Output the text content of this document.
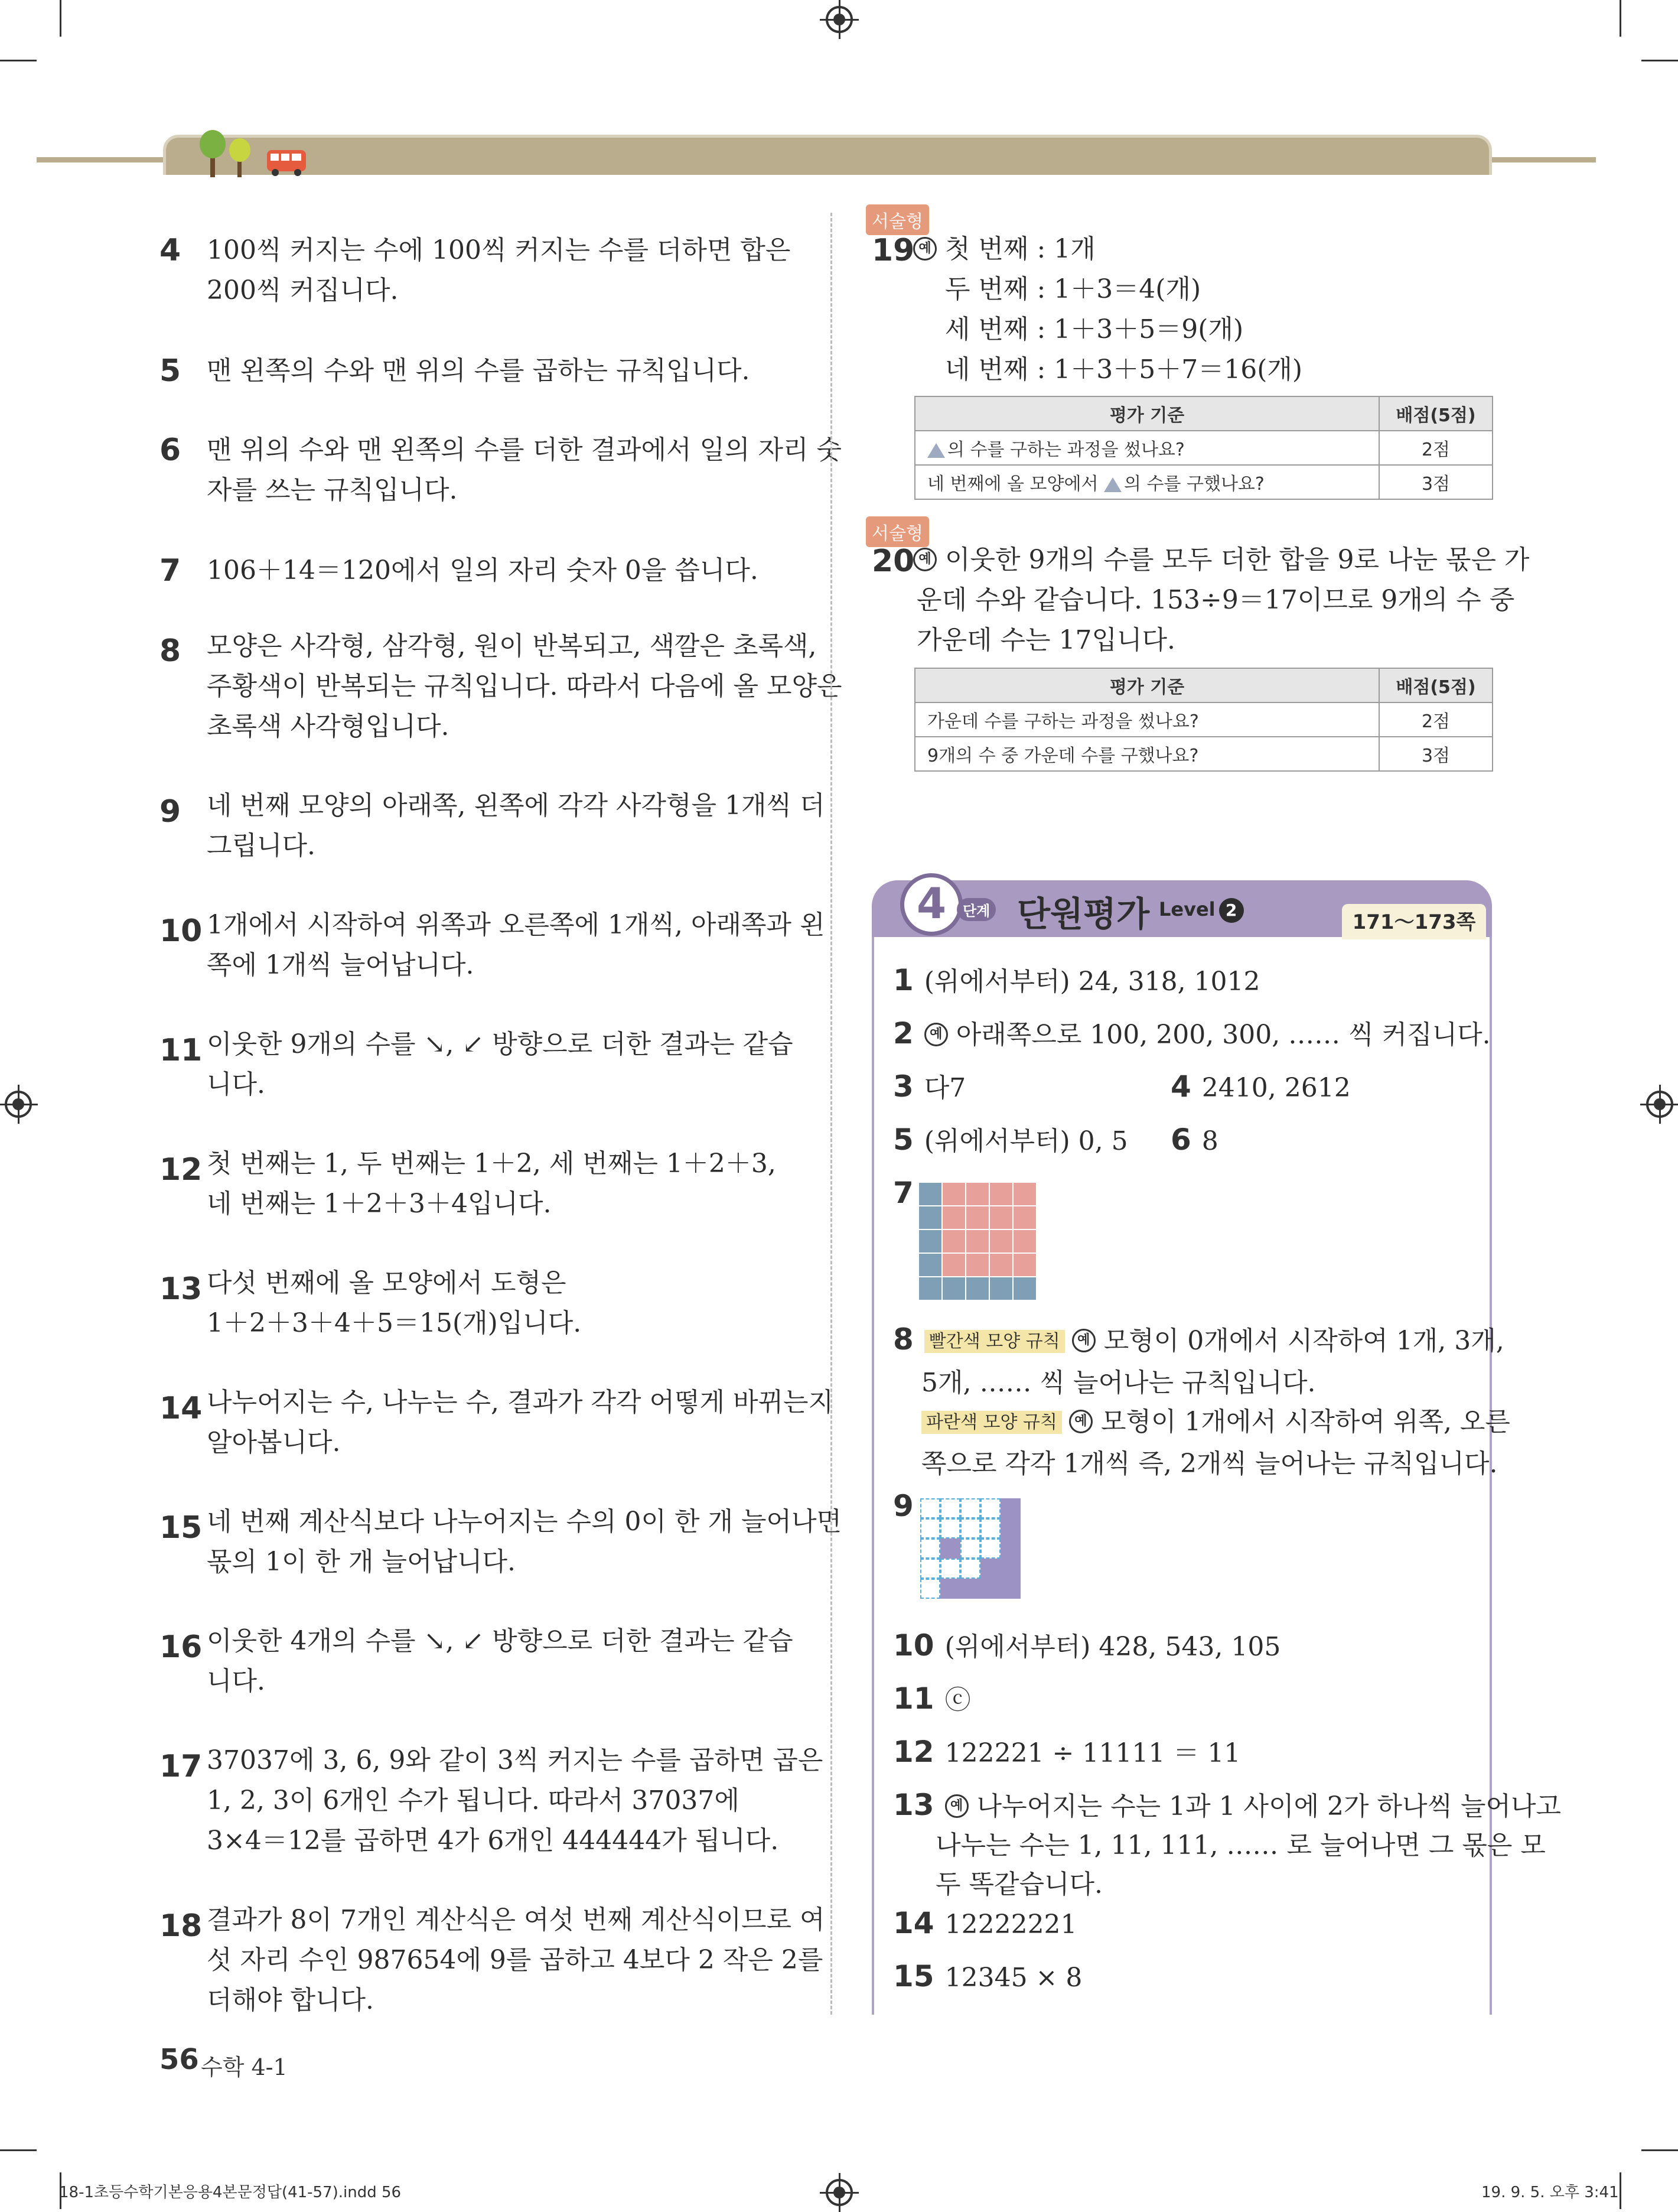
4 100씩 커지는 수에 100씩 커지는 수를 더하면 합은
200씩 커집니다.
5 맨 왼쪽의 수와 맨 위의 수를 곱하는 규칙입니다.
6 맨 위의 수와 맨 왼쪽의 수를 더한 결과에서 일의 자리 숫
자를 쓰는 규칙입니다.
7 106＋14＝120에서 일의 자리 숫자 0을 씁니다.
8 모양은 사각형, 삼각형, 원이 반복되고, 색깔은 초록색,
주황색이 반복되는 규칙입니다. 따라서 다음에 올 모양은
초록색 사각형입니다.
9 네 번째 모양의 아래쪽, 왼쪽에 각각 사각형을 1개씩 더
그립니다.
10 1개에서 시작하여 위쪽과 오른쪽에 1개씩, 아래쪽과 왼
쪽에 1개씩 늘어납니다.
11 이웃한 9개의 수를 ↘, ↙ 방향으로 더한 결과는 같습
니다.
12 첫 번째는 1, 두 번째는 1＋2, 세 번째는 1＋2＋3,
네 번째는 1＋2＋3＋4입니다.
13 다섯 번째에 올 모양에서 도형은
1＋2＋3＋4＋5＝15(개)입니다.
14 나누어지는 수, 나누는 수, 결과가 각각 어떻게 바뀌는지
알아봅니다.
15 네 번째 계산식보다 나누어지는 수의 0이 한 개 늘어나면
몫의 1이 한 개 늘어납니다.
16 이웃한 4개의 수를 ↘, ↙ 방향으로 더한 결과는 같습
니다.
17 37037에 3, 6, 9와 같이 3씩 커지는 수를 곱하면 곱은
1, 2, 3이 6개인 수가 됩니다. 따라서 37037에
3×4＝12를 곱하면 4가 6개인 444444가 됩니다.
18 결과가 8이 7개인 계산식은 여섯 번째 계산식이므로 여
섯 자리 수인 987654에 9를 곱하고 4보다 2 작은 2를
더해야 합니다.
서술형
19 예 첫 번째 : 1개
두 번째 : 1＋3＝4(개)
세 번째 : 1＋3＋5＝9(개)
네 번째 : 1＋3＋5＋7＝16(개)
평가 기준	배점(5점)
의 수를 구하는 과정을 썼나요?	2점
네 번째에 올 모양에서 의 수를 구했나요?	3점
서술형
20 예 이웃한 9개의 수를 모두 더한 합을 9로 나눈 몫은 가
운데 수와 같습니다. 153÷9＝17이므로 9개의 수 중
가운데 수는 17입니다.
평가 기준	배점(5점)
가운데 수를 구하는 과정을 썼나요?	2점
9개의 수 중 가운데 수를 구했나요?	3점
4	단계 단원평가 Level 2
171～173쪽
1 (위에서부터) 24, 318, 1012
2 예 아래쪽으로 100, 200, 300, …… 씩 커집니다.
3 다7	4 2410, 2612
5 (위에서부터) 0, 5 6 8
7
8 빨간색 모양 규칙 예 모형이 0개에서 시작하여 1개, 3개,
5개, …… 씩 늘어나는 규칙입니다.
파란색 모양 규칙 예 모형이 1개에서 시작하여 위쪽, 오른
쪽으로 각각 1개씩 즉, 2개씩 늘어나는 규칙입니다.
9
10 (위에서부터) 428, 543, 105
11 ⓒ
12 122221 ÷ 11111 ＝ 11
13 예 나누어지는 수는 1과 1 사이에 2가 하나씩 늘어나고
나누는 수는 1, 11, 111, …… 로 늘어나면 그 몫은 모
두 똑같습니다.
14 12222221
15 12345 × 8
56 수학 4-1
18-1초등수학기본응용4본문정답(41-57).indd 56	19. 9. 5. 오후 3:41
